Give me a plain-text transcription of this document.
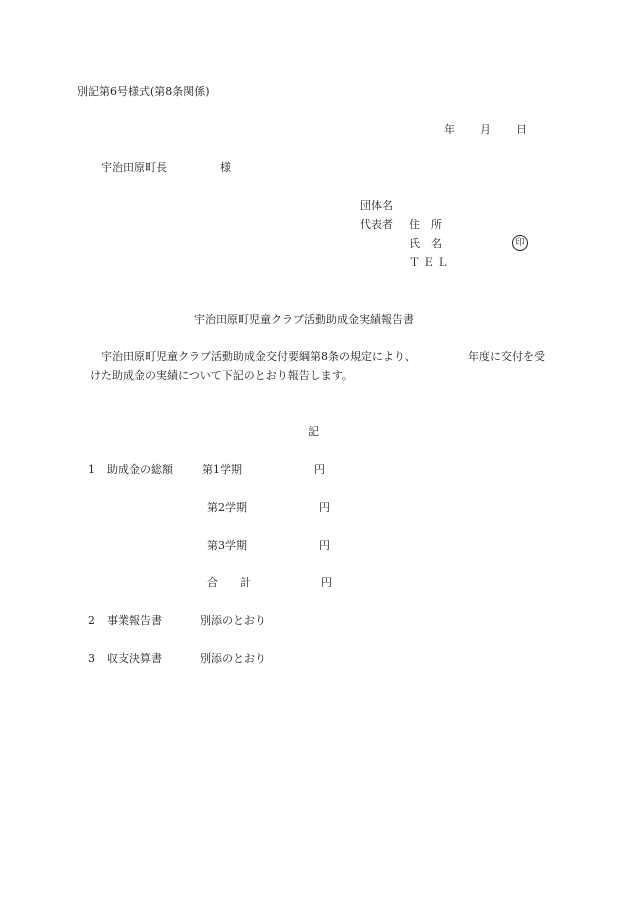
別記第6号様式(第8条関係)
年 月 日
宇治田原町長	様
団体名
代表者 住　所
氏　名	印
ＴＥＬ
宇治田原町児童クラブ活動助成金実績報告書
宇治田原町児童クラブ活動助成金交付要綱第8条の規定により、	年度に交付を受
けた助成金の実績について下記のとおり報告します。
記
1 助成金の総額	第1学期	円
第2学期	円
第3学期	円
合　　計	円
2 事業報告書	別添のとおり
3 収支決算書	別添のとおり
